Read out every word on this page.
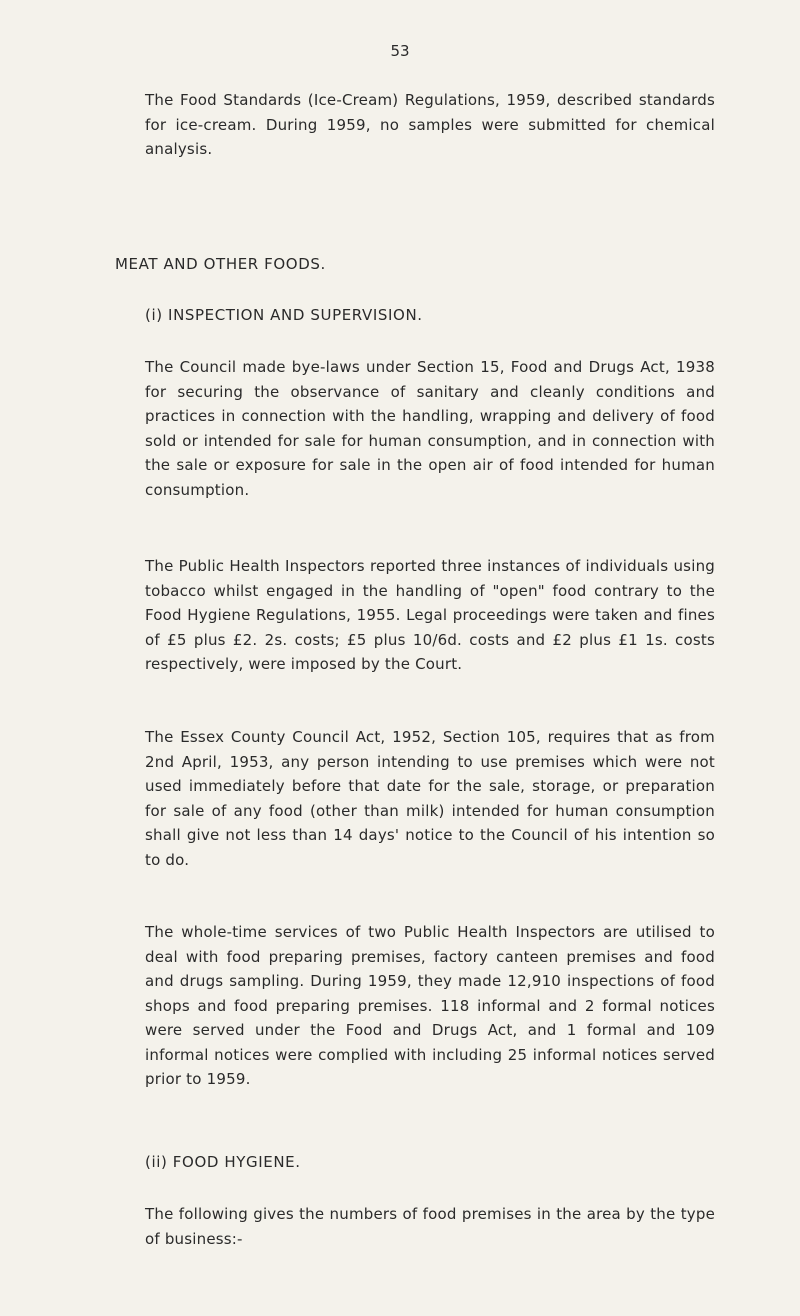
53
The Food Standards (Ice-Cream) Regulations, 1959, described standards for ice-cream. During 1959, no samples were submitted for chemical analysis.
MEAT AND OTHER FOODS.
(i) INSPECTION AND SUPERVISION.
The Council made bye-laws under Section 15, Food and Drugs Act, 1938 for securing the observance of sanitary and cleanly conditions and practices in connection with the handling, wrapping and delivery of food sold or intended for sale for human consumption, and in connection with the sale or exposure for sale in the open air of food intended for human consumption.
The Public Health Inspectors reported three instances of individuals using tobacco whilst engaged in the handling of "open" food contrary to the Food Hygiene Regulations, 1955. Legal proceedings were taken and fines of £5 plus £2. 2s. costs; £5 plus 10/6d. costs and £2 plus £1 1s. costs respectively, were imposed by the Court.
The Essex County Council Act, 1952, Section 105, requires that as from 2nd April, 1953, any person intending to use premises which were not used immediately before that date for the sale, storage, or preparation for sale of any food (other than milk) intended for human consumption shall give not less than 14 days' notice to the Council of his intention so to do.
The whole-time services of two Public Health Inspectors are utilised to deal with food preparing premises, factory canteen premises and food and drugs sampling. During 1959, they made 12,910 inspections of food shops and food preparing premises. 118 informal and 2 formal notices were served under the Food and Drugs Act, and 1 formal and 109 informal notices were complied with including 25 informal notices served prior to 1959.
(ii) FOOD HYGIENE.
The following gives the numbers of food premises in the area by the type of business:-
